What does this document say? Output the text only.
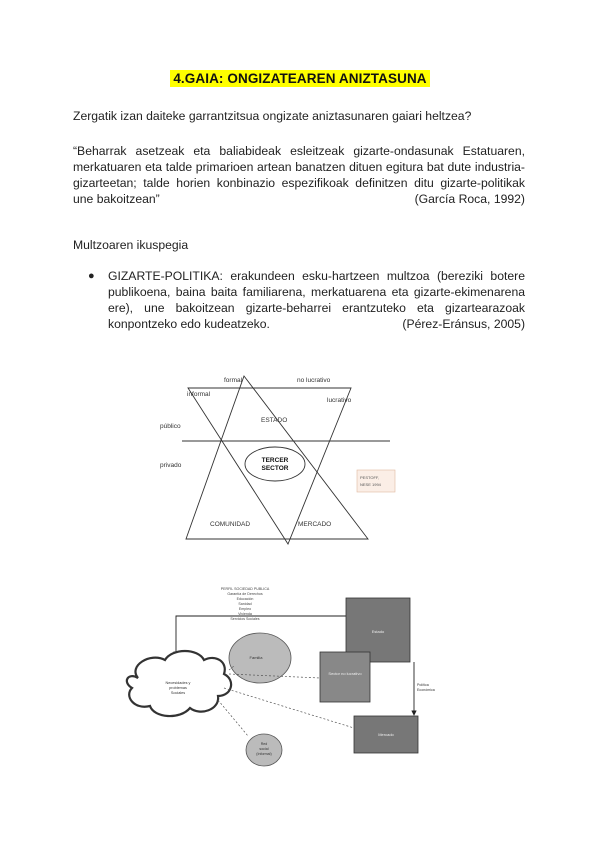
4.GAIA: ONGIZATEAREN ANIZTASUNA
Zergatik izan daiteke garrantzitsua ongizate aniztasunaren gaiari heltzea?
“Beharrak asetzeak eta baliabideak esleitzeak gizarte-ondasunak Estatuaren, merkatuaren eta talde primarioen artean banatzen dituen egitura bat dute industria-gizarteetan; talde horien konbinazio espezifikoak definitzen ditu gizarte-politikak une bakoitzean”	(García Roca, 1992)
Multzoaren ikuspegia
● GIZARTE-POLITIKA: erakundeen esku-hartzeen multzoa (bereziki botere publikoena, baina baita familiarena, merkatuarena eta gizarte-ekimenarena ere), une bakoitzean gizarte-beharrei erantzuteko eta gizartearazoak konpontzeko edo kudeatzeko.	(Pérez-Eránsus, 2005)
formal	no lucrativo
informal
lucrativo
ESTADO
público
privado
COMUNIDAD	MERCADO
TERCER
SECTOR
PESTOFF,
NESE 1994
PERFIL SOCIEDAD PUBLICA
Garantía de Derechos
Educación
Sanidad
Empleo
Vivienda
Servicios Sociales
Estado
Sector no lucrativo
Familia
Necesidades y
problemas
Sociales
Red
social
(Informal)
Política
Económica
Mercado
